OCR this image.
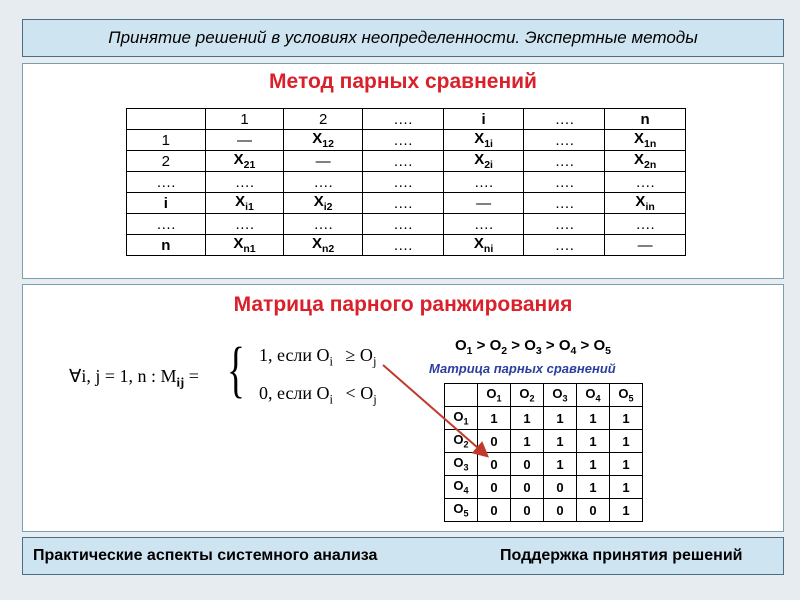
Принятие решений в условиях неопределенности. Экспертные методы
Метод парных сравнений
	1	2	….	i	….	n
1	—	$X_{12}$	….	$X_{1i}$	….	$X_{1n}$
2	$X_{21}$	—	….	$X_{2i}$	….	$X_{2n}$
….	….	….	….	….	….	….
i	$X_{i1}$	$X_{i2}$	….	—	….	$X_{in}$
….	….	….	….	….	….	….
n	$X_{n1}$	$X_{n2}$	….	$X_{ni}$	….	—
Матрица парного ранжирования
∀i, j = 1, n : $M_{ij}$ = { 1, если $O_i \ge O_j$
0, если $O_i < O_j$
$O_1 > O_2 > O_3 > O_4 > O_5$
Матрица парных сравнений
	$O_1$	$O_2$	$O_3$	$O_4$	$O_5$
$O_1$	1	1	1	1	1
$O_2$	0	1	1	1	1
$O_3$	0	0	1	1	1
$O_4$	0	0	0	1	1
$O_5$	0	0	0	0	1
Практические аспекты системного анализа	Поддержка принятия решений
